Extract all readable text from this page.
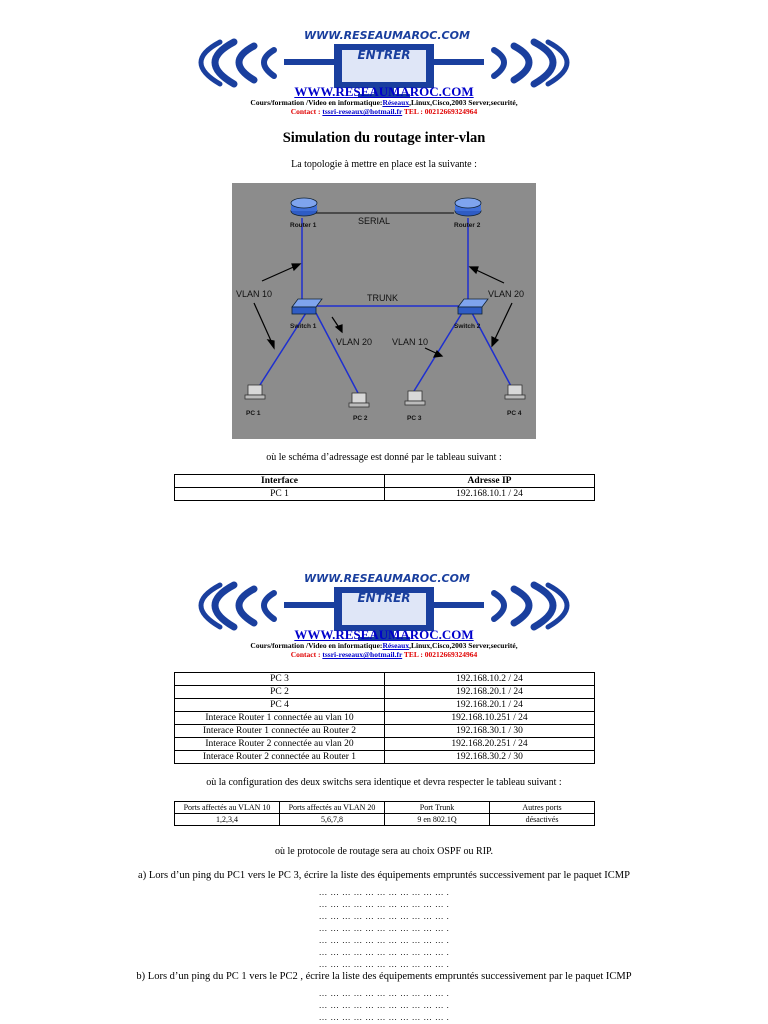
WWW.RESEAUMAROC.COM
ENTRER
WWW.RESEAUMAROC.COM
Cours/formation /Video en informatique:Réseaux,Linux,Cisco,2003 Server,securité,
Contact : tssri-reseaux@hotmail.fr TEL : 00212669324964
Simulation du routage inter-vlan
La topologie à mettre en place est la suivante :
Router 1	Router 2
SERIAL
TRUNK
Switch 1	Switch 2
VLAN 10	VLAN 20
VLAN 20 VLAN 10
PC 1
PC 2	PC 3
PC 4
où le schéma d’adressage est donné par le tableau suivant :
Interface	Adresse IP
PC 1	192.168.10.1 / 24
WWW.RESEAUMAROC.COM
ENTRER
WWW.RESEAUMAROC.COM
Cours/formation /Video en informatique:Réseaux,Linux,Cisco,2003 Server,securité,
Contact : tssri-reseaux@hotmail.fr TEL : 00212669324964
PC 3	192.168.10.2 / 24
PC 2	192.168.20.1 / 24
PC 4	192.168.20.1 / 24
Interace Router 1 connectée au vlan 10	192.168.10.251 / 24
Interace Router 1 connectée au Router 2	192.168.30.1 / 30
Interace Router 2 connectée au vlan 20	192.168.20.251 / 24
Interace Router 2 connectée au Router 1	192.168.30.2 / 30
où la configuration des deux switchs sera identique et devra respecter le tableau suivant :
Ports affectés au VLAN 10	Ports affectés au VLAN 20	Port Trunk	Autres ports
1,2,3,4	5,6,7,8	9 en 802.1Q	désactivés
où le protocole de routage sera au choix OSPF ou RIP.
a) Lors d’un ping du PC1 vers le PC 3, écrire la liste des équipements empruntés successivement par le paquet ICMP
… … … … … … … … … … … .
… … … … … … … … … … … .
… … … … … … … … … … … .
… … … … … … … … … … … .
… … … … … … … … … … … .
… … … … … … … … … … … .
… … … … … … … … … … … .
b) Lors d’un ping du PC 1 vers le PC2 , écrire la liste des équipements empruntés successivement par le paquet ICMP
… … … … … … … … … … … .
… … … … … … … … … … … .
… … … … … … … … … … … .
